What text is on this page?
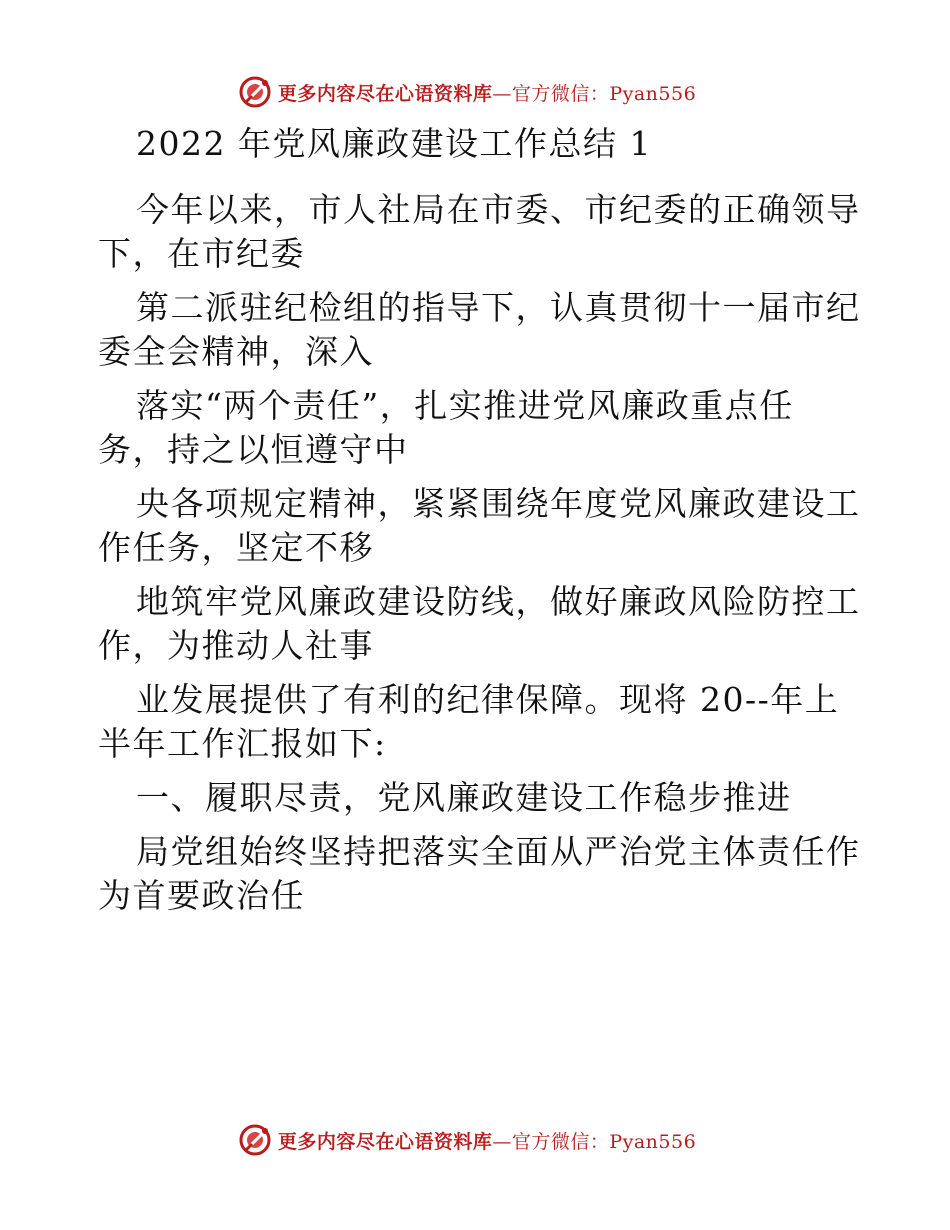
更多内容尽在心语资料库—官方微信：Pyan556
2022 年党风廉政建设工作总结 1
今年以来，市人社局在市委、市纪委的正确领导
下，在市纪委
第二派驻纪检组的指导下，认真贯彻十一届市纪
委全会精神，深入
落实“两个责任”，扎实推进党风廉政重点任
务，持之以恒遵守中
央各项规定精神，紧紧围绕年度党风廉政建设工
作任务，坚定不移
地筑牢党风廉政建设防线，做好廉政风险防控工
作，为推动人社事
业发展提供了有利的纪律保障。现将 20--年上
半年工作汇报如下:
一、履职尽责，党风廉政建设工作稳步推进
局党组始终坚持把落实全面从严治党主体责任作
为首要政治任
更多内容尽在心语资料库—官方微信：Pyan556
